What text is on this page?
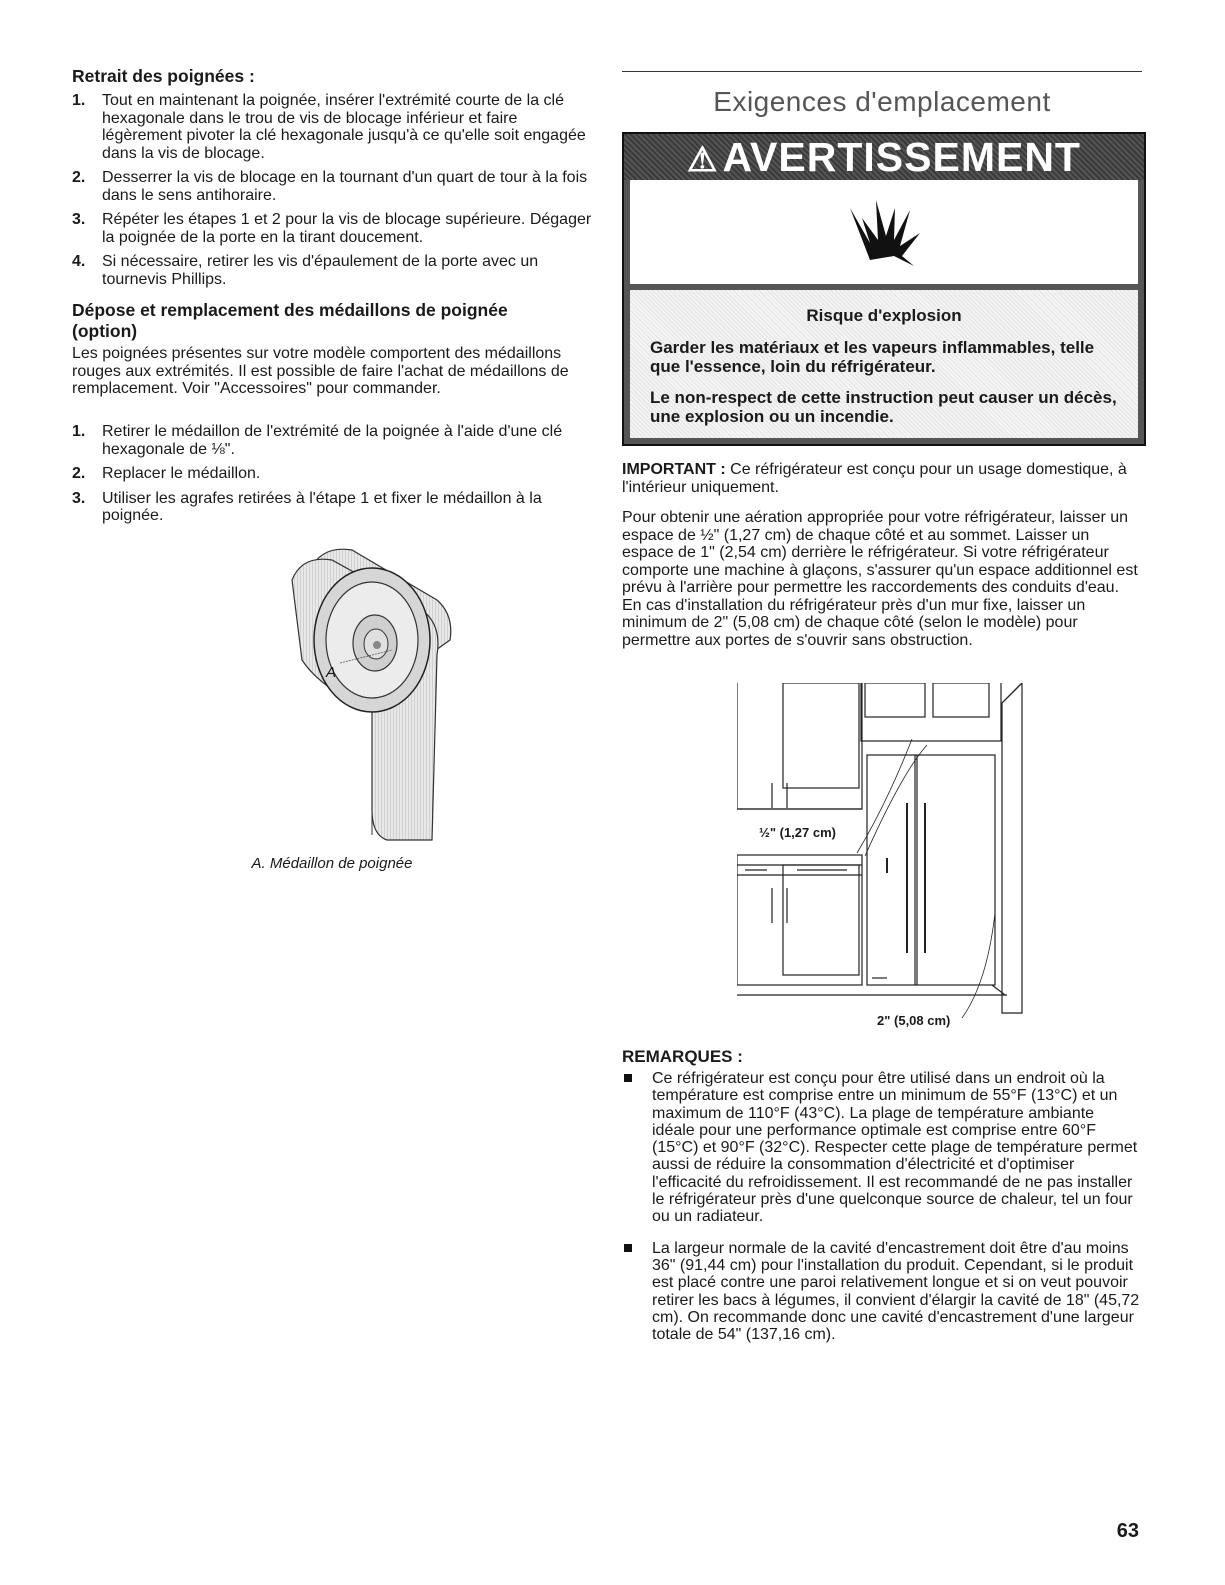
Retrait des poignées :
1. Tout en maintenant la poignée, insérer l'extrémité courte de la clé hexagonale dans le trou de vis de blocage inférieur et faire légèrement pivoter la clé hexagonale jusqu'à ce qu'elle soit engagée dans la vis de blocage.
2. Desserrer la vis de blocage en la tournant d'un quart de tour à la fois dans le sens antihoraire.
3. Répéter les étapes 1 et 2 pour la vis de blocage supérieure. Dégager la poignée de la porte en la tirant doucement.
4. Si nécessaire, retirer les vis d'épaulement de la porte avec un tournevis Phillips.
Dépose et remplacement des médaillons de poignée (option)

Les poignées présentes sur votre modèle comportent des médaillons rouges aux extrémités. Il est possible de faire l'achat de médaillons de remplacement. Voir "Accessoires" pour commander.

1. Retirer le médaillon de l'extrémité de la poignée à l'aide d'une clé hexagonale de ⅛".
2. Replacer le médaillon.
3. Utiliser les agrafes retirées à l'étape 1 et fixer le médaillon à la poignée.
A
A. Médaillon de poignée
Exigences d'emplacement
⚠AVERTISSEMENT
Risque d'explosion
Garder les matériaux et les vapeurs inflammables, telle que l'essence, loin du réfrigérateur.
Le non-respect de cette instruction peut causer un décès, une explosion ou un incendie.

IMPORTANT : Ce réfrigérateur est conçu pour un usage domestique, à l'intérieur uniquement.

Pour obtenir une aération appropriée pour votre réfrigérateur, laisser un espace de ½" (1,27 cm) de chaque côté et au sommet. Laisser un espace de 1" (2,54 cm) derrière le réfrigérateur. Si votre réfrigérateur comporte une machine à glaçons, s'assurer qu'un espace additionnel est prévu à l'arrière pour permettre les raccordements des conduits d'eau. En cas d'installation du réfrigérateur près d'un mur fixe, laisser un minimum de 2" (5,08 cm) de chaque côté (selon le modèle) pour permettre aux portes de s'ouvrir sans obstruction.

½" (1,27 cm)
2" (5,08 cm)
REMARQUES :
Ce réfrigérateur est conçu pour être utilisé dans un endroit où la température est comprise entre un minimum de 55°F (13°C) et un maximum de 110°F (43°C). La plage de température ambiante idéale pour une performance optimale est comprise entre 60°F (15°C) et 90°F (32°C). Respecter cette plage de température permet aussi de réduire la consommation d'électricité et d'optimiser l'efficacité du refroidissement. Il est recommandé de ne pas installer le réfrigérateur près d'une quelconque source de chaleur, tel un four ou un radiateur.
La largeur normale de la cavité d'encastrement doit être d'au moins 36" (91,44 cm) pour l'installation du produit. Cependant, si le produit est placé contre une paroi relativement longue et si on veut pouvoir retirer les bacs à légumes, il convient d'élargir la cavité de 18" (45,72 cm). On recommande donc une cavité d'encastrement d'une largeur totale de 54" (137,16 cm).
63
